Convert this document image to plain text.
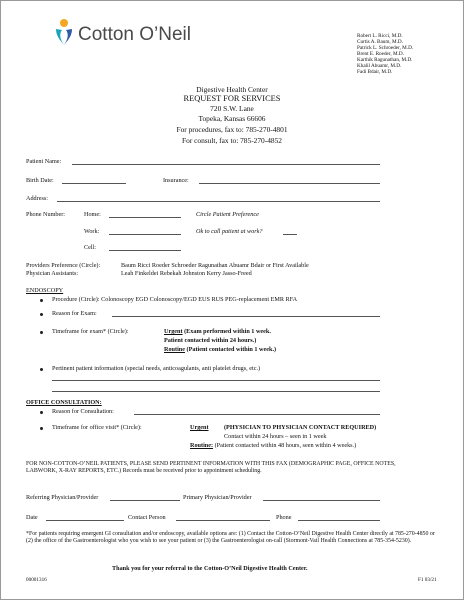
Cotton O’Neil	Robert L. Ricci, M.D.
Curtis A. Baum, M.D.
Patrick L. Schroeder, M.D.
Brent E. Roeder, M.D.
Karthik Ragunathan, M.D.
Khalil Abuamr, M.D.
Fadi Bdair, M.D.
Digestive Health Center
REQUEST FOR SERVICES
720 S.W. Lane
Topeka, Kansas 66606
For procedures, fax to: 785-270-4801
For consult, fax to: 785-270-4852
Patient Name:
Birth Date:	Insurance:
Address:
Phone Number:	Home:	Circle Patient Preference
Work:	Ok to call patient at work?
Cell:
Providers Preference (Circle):	Baum Ricci Roeder Schroeder Ragunathan Abuamr Bdair or First Available
Physician Assistants:	Leah Finkeldei Rebekah Johnston Kerry Jasso-Freed
ENDOSCOPY
Procedure (Circle): Colonoscopy EGD Colonoscopy/EGD EUS RUS PEG-replacement EMR RFA
Reason for Exam:
Timeframe for exam* (Circle):	Urgent (Exam performed within 1 week.
Patient contacted within 24 hours.)
Routine (Patient contacted within 1 week.)
Pertinent patient information (special needs, anticoagulants, anti platelet drugs, etc.)
OFFICE CONSULTATION:
Reason for Consultation:
Timeframe for office visit* (Circle):	Urgent (PHYSICIAN TO PHYSICIAN CONTACT REQUIRED)
Contact within 24 hours – seen in 1 week
Routine: (Patient contacted within 48 hours, seen within 4 weeks.)
FOR NON-COTTON-O’NEIL PATIENTS, PLEASE SEND PERTINENT INFORMATION WITH THIS FAX (DEMOGRAPHIC PAGE, OFFICE NOTES, LABWORK, X-RAY REPORTS, ETC.) Records must be received prior to appointment scheduling.
Referring Physician/Provider	Primary Physician/Provider
Date	Contact Person	Phone
*For patients requiring emergent GI consultation and/or endoscopy, available options are: (1) Contact the Cotton-O’Neil Digestive Health Center directly at 785-270-4850 or (2) the office of the Gastroenterologist who you wish to see your patient or (3) the Gastroenterologist on-call (Stormont-Vail Health Connections at 785-354-5230).
Thank you for your referral to the Cotton-O’Neil Digestive Health Center.
00001316	F1 03/21
